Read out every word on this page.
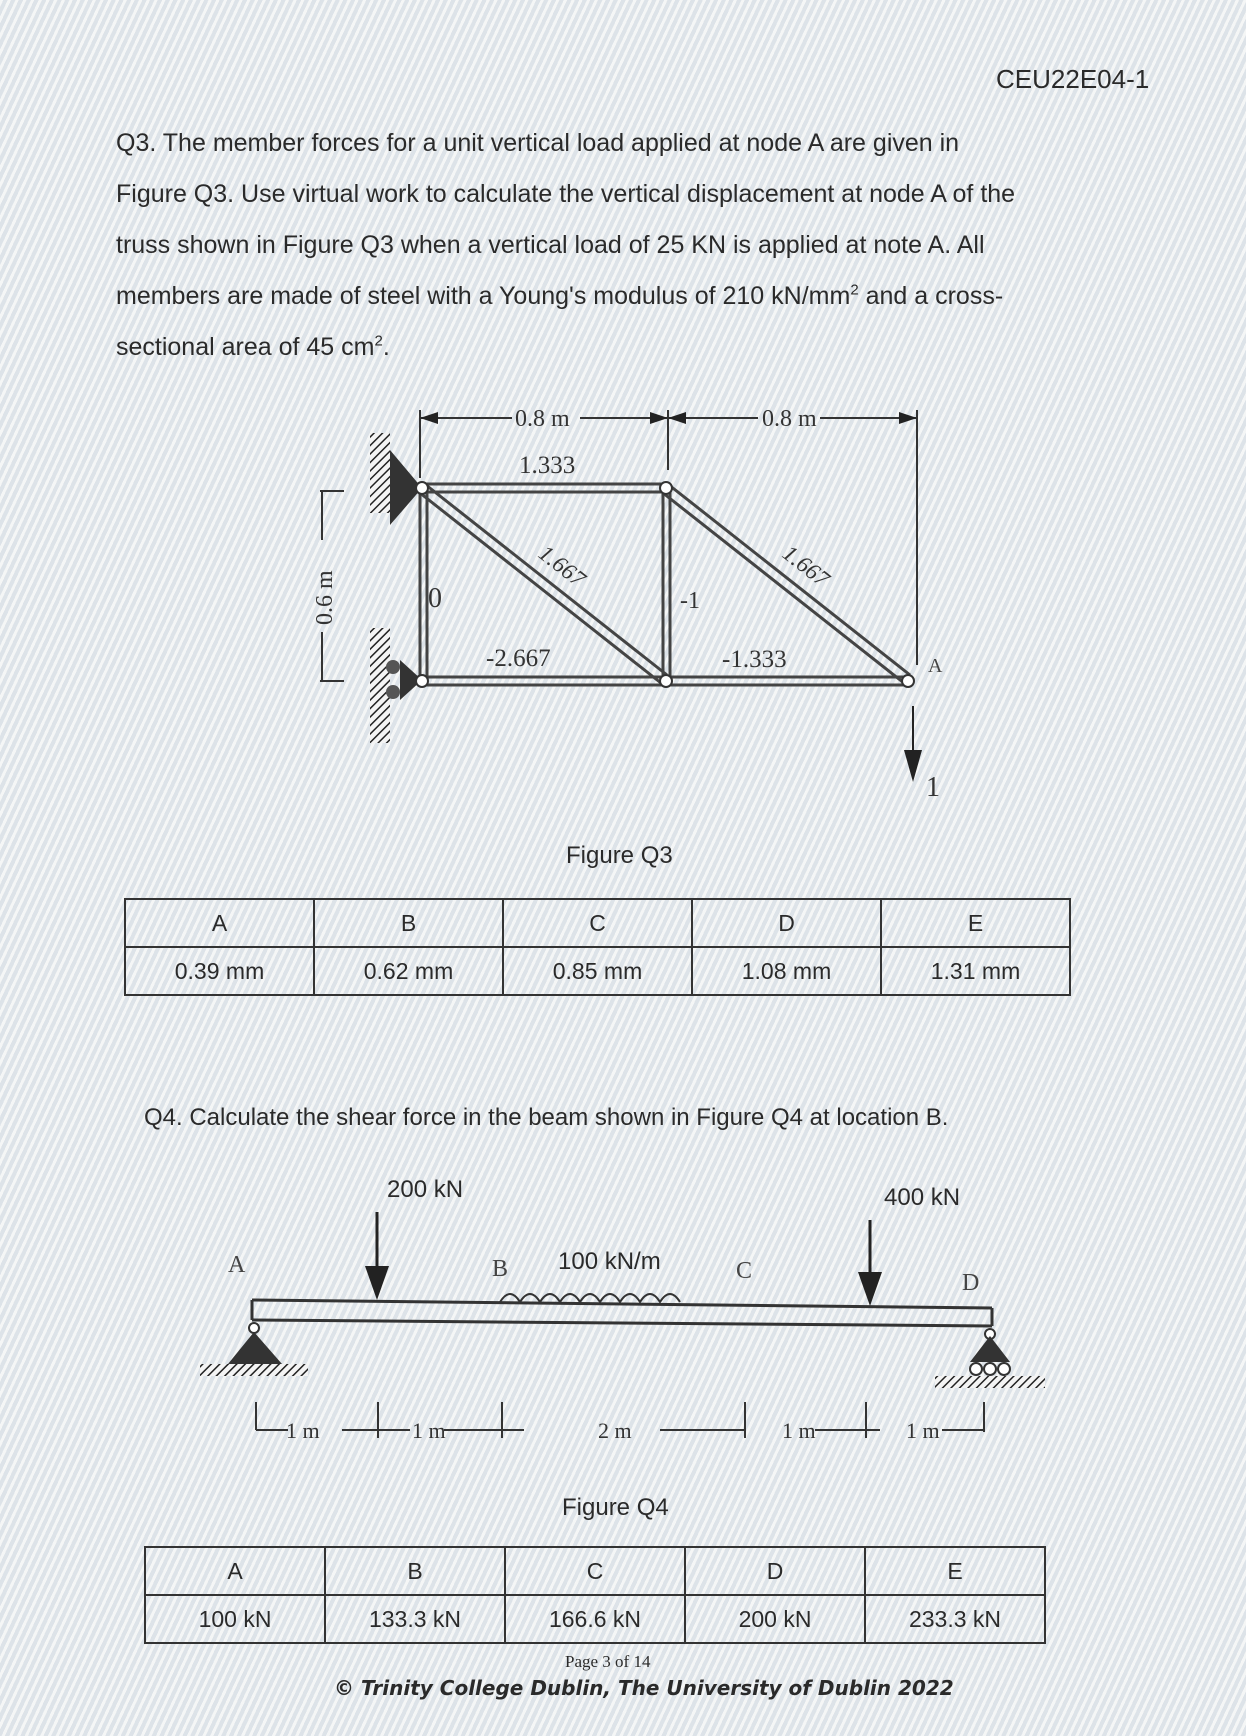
CEU22E04-1
Q3. The member forces for a unit vertical load applied at node A are given in
Figure Q3. Use virtual work to calculate the vertical displacement at node A of the
truss shown in Figure Q3 when a vertical load of 25 KN is applied at note A. All
members are made of steel with a Young's modulus of 210 $kN/mm^2$ and a cross-
sectional area of 45 $cm^2$.
0.8 m	0.8 m
0.6 m
1.333
1.667	1.667
0	-1
-2.667	-1.333	A
1
Figure Q3
A	B	C	D	E
0.39 mm	0.62 mm	0.85 mm	1.08 mm	1.31 mm
Q4. Calculate the shear force in the beam shown in Figure Q4 at location B.
A	B	C	D
1 m	1 m	2 m	1 m	1 m
200 kN	400 kN
100 kN/m
Figure Q4
A	B	C	D	E
100 kN	133.3 kN	166.6 kN	200 kN	233.3 kN
Page 3 of 14
© Trinity College Dublin, The University of Dublin 2022
